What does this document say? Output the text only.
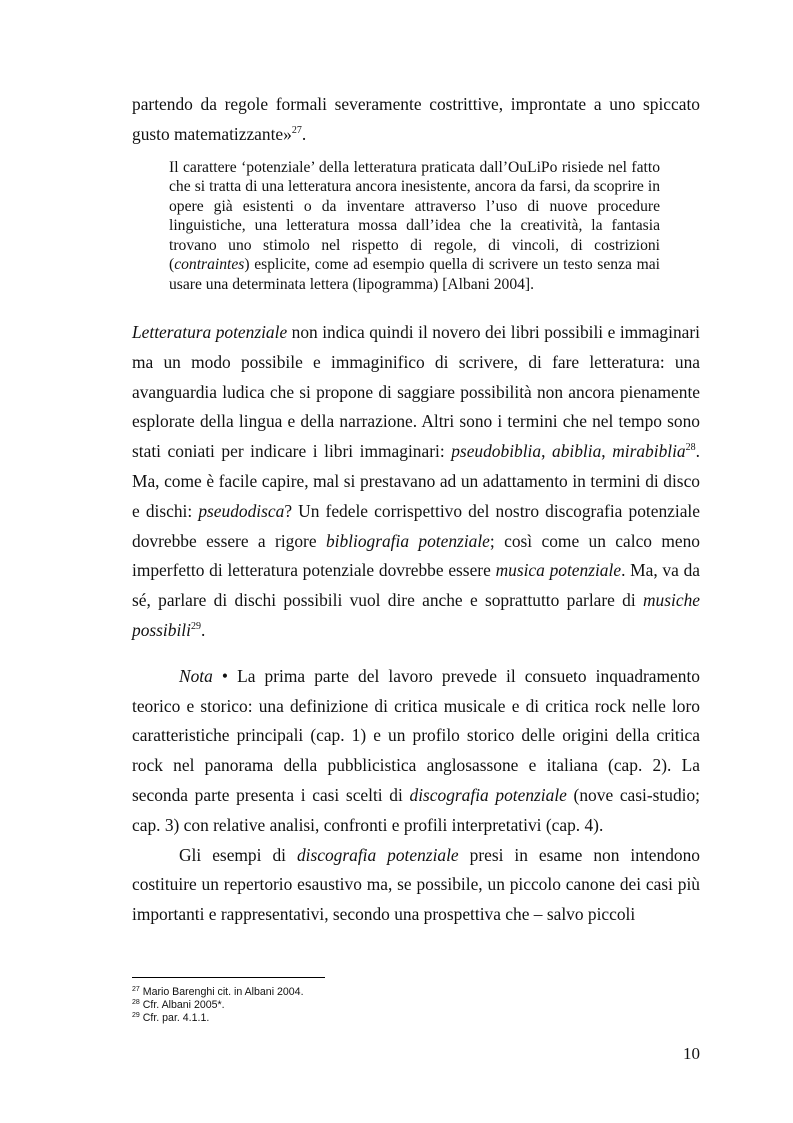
partendo da regole formali severamente costrittive, improntate a uno spiccato gusto matematizzante»$^{27}$.

Il carattere ‘potenziale’ della letteratura praticata dall’OuLiPo risiede nel fatto che si tratta di una letteratura ancora inesistente, ancora da farsi, da scoprire in opere già esistenti o da inventare attraverso l’uso di nuove procedure linguistiche, una letteratura mossa dall’idea che la creatività, la fantasia trovano uno stimolo nel rispetto di regole, di vincoli, di costrizioni (contraintes) esplicite, come ad esempio quella di scrivere un testo senza mai usare una determinata lettera (lipogramma) [Albani 2004].

Letteratura potenziale non indica quindi il novero dei libri possibili e immaginari ma un modo possibile e immaginifico di scrivere, di fare letteratura: una avanguardia ludica che si propone di saggiare possibilità non ancora pienamente esplorate della lingua e della narrazione. Altri sono i termini che nel tempo sono stati coniati per indicare i libri immaginari: pseudobiblia, abiblia, mirabiblia$^{28}$. Ma, come è facile capire, mal si prestavano ad un adattamento in termini di disco e dischi: pseudodisca? Un fedele corrispettivo del nostro discografia potenziale dovrebbe essere a rigore bibliografia potenziale; così come un calco meno imperfetto di letteratura potenziale dovrebbe essere musica potenziale. Ma, va da sé, parlare di dischi possibili vuol dire anche e soprattutto parlare di musiche possibili$^{29}$.

Nota • La prima parte del lavoro prevede il consueto inquadramento teorico e storico: una definizione di critica musicale e di critica rock nelle loro caratteristiche principali (cap. 1) e un profilo storico delle origini della critica rock nel panorama della pubblicistica anglosassone e italiana (cap. 2). La seconda parte presenta i casi scelti di discografia potenziale (nove casi-studio; cap. 3) con relative analisi, confronti e profili interpretativi (cap. 4).

Gli esempi di discografia potenziale presi in esame non intendono costituire un repertorio esaustivo ma, se possibile, un piccolo canone dei casi più importanti e rappresentativi, secondo una prospettiva che – salvo piccoli

$^{27}$ Mario Barenghi cit. in Albani 2004.
$^{28}$ Cfr. Albani 2005*.
$^{29}$ Cfr. par. 4.1.1.
10
